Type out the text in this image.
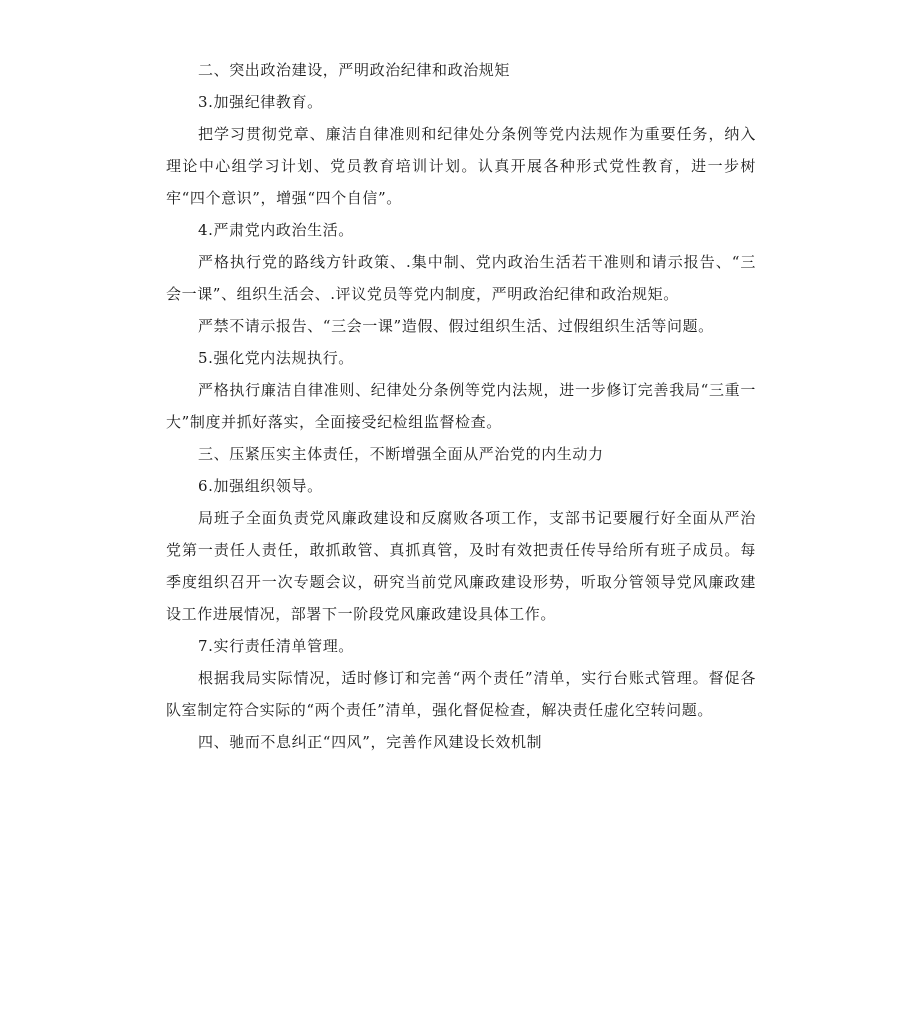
二、突出政治建设，严明政治纪律和政治规矩

3.加强纪律教育。

把学习贯彻党章、廉洁自律准则和纪律处分条例等党内法规作为重要任务，纳入理论中心组学习计划、党员教育培训计划。认真开展各种形式党性教育，进一步树牢“四个意识”，增强“四个自信”。

4.严肃党内政治生活。

严格执行党的路线方针政策、.集中制、党内政治生活若干准则和请示报告、“三会一课”、组织生活会、.评议党员等党内制度，严明政治纪律和政治规矩。

严禁不请示报告、“三会一课”造假、假过组织生活、过假组织生活等问题。

5.强化党内法规执行。

严格执行廉洁自律准则、纪律处分条例等党内法规，进一步修订完善我局“三重一大”制度并抓好落实，全面接受纪检组监督检查。

三、压紧压实主体责任，不断增强全面从严治党的内生动力

6.加强组织领导。

局班子全面负责党风廉政建设和反腐败各项工作，支部书记要履行好全面从严治党第一责任人责任，敢抓敢管、真抓真管，及时有效把责任传导给所有班子成员。每季度组织召开一次专题会议，研究当前党风廉政建设形势，听取分管领导党风廉政建设工作进展情况，部署下一阶段党风廉政建设具体工作。

7.实行责任清单管理。

根据我局实际情况，适时修订和完善“两个责任”清单，实行台账式管理。督促各队室制定符合实际的“两个责任”清单，强化督促检查，解决责任虚化空转问题。

四、驰而不息纠正“四风”，完善作风建设长效机制
